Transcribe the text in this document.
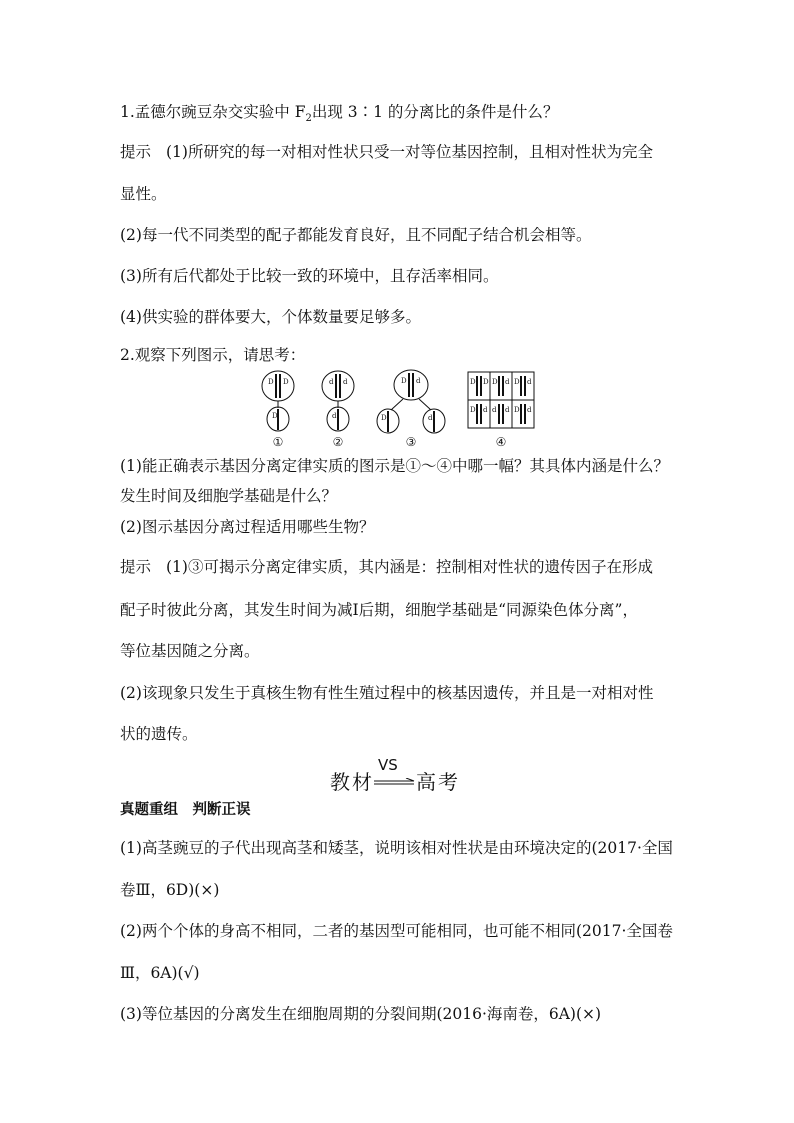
1.孟德尔豌豆杂交实验中 $F_2$出现 3∶1 的分离比的条件是什么？
提示 (1)所研究的每一对相对性状只受一对等位基因控制，且相对性状为完全
显性。
(2)每一代不同类型的配子都能发育良好，且不同配子结合机会相等。
(3)所有后代都处于比较一致的环境中，且存活率相同。
(4)供实验的群体要大，个体数量要足够多。
2.观察下列图示，请思考：
D D
D
d d
d
D d
D	d
D D D d D d
D d d d D d
①	②	③	④
(1)能正确表示基因分离定律实质的图示是①～④中哪一幅？其具体内涵是什么？
发生时间及细胞学基础是什么？
(2)图示基因分离过程适用哪些生物？
提示 (1)③可揭示分离定律实质，其内涵是：控制相对性状的遗传因子在形成
配子时彼此分离，其发生时间为减Ⅰ后期，细胞学基础是“同源染色体分离”，
等位基因随之分离。
(2)该现象只发生于真核生物有性生殖过程中的核基因遗传，并且是一对相对性
状的遗传。
教材
VS
高考
真题重组　判断正误
(1)高茎豌豆的子代出现高茎和矮茎，说明该相对性状是由环境决定的(2017·全国
卷Ⅲ，6D)(×)
(2)两个个体的身高不相同，二者的基因型可能相同，也可能不相同(2017·全国卷
Ⅲ，6A)(√)
(3)等位基因的分离发生在细胞周期的分裂间期(2016·海南卷，6A)(×)
